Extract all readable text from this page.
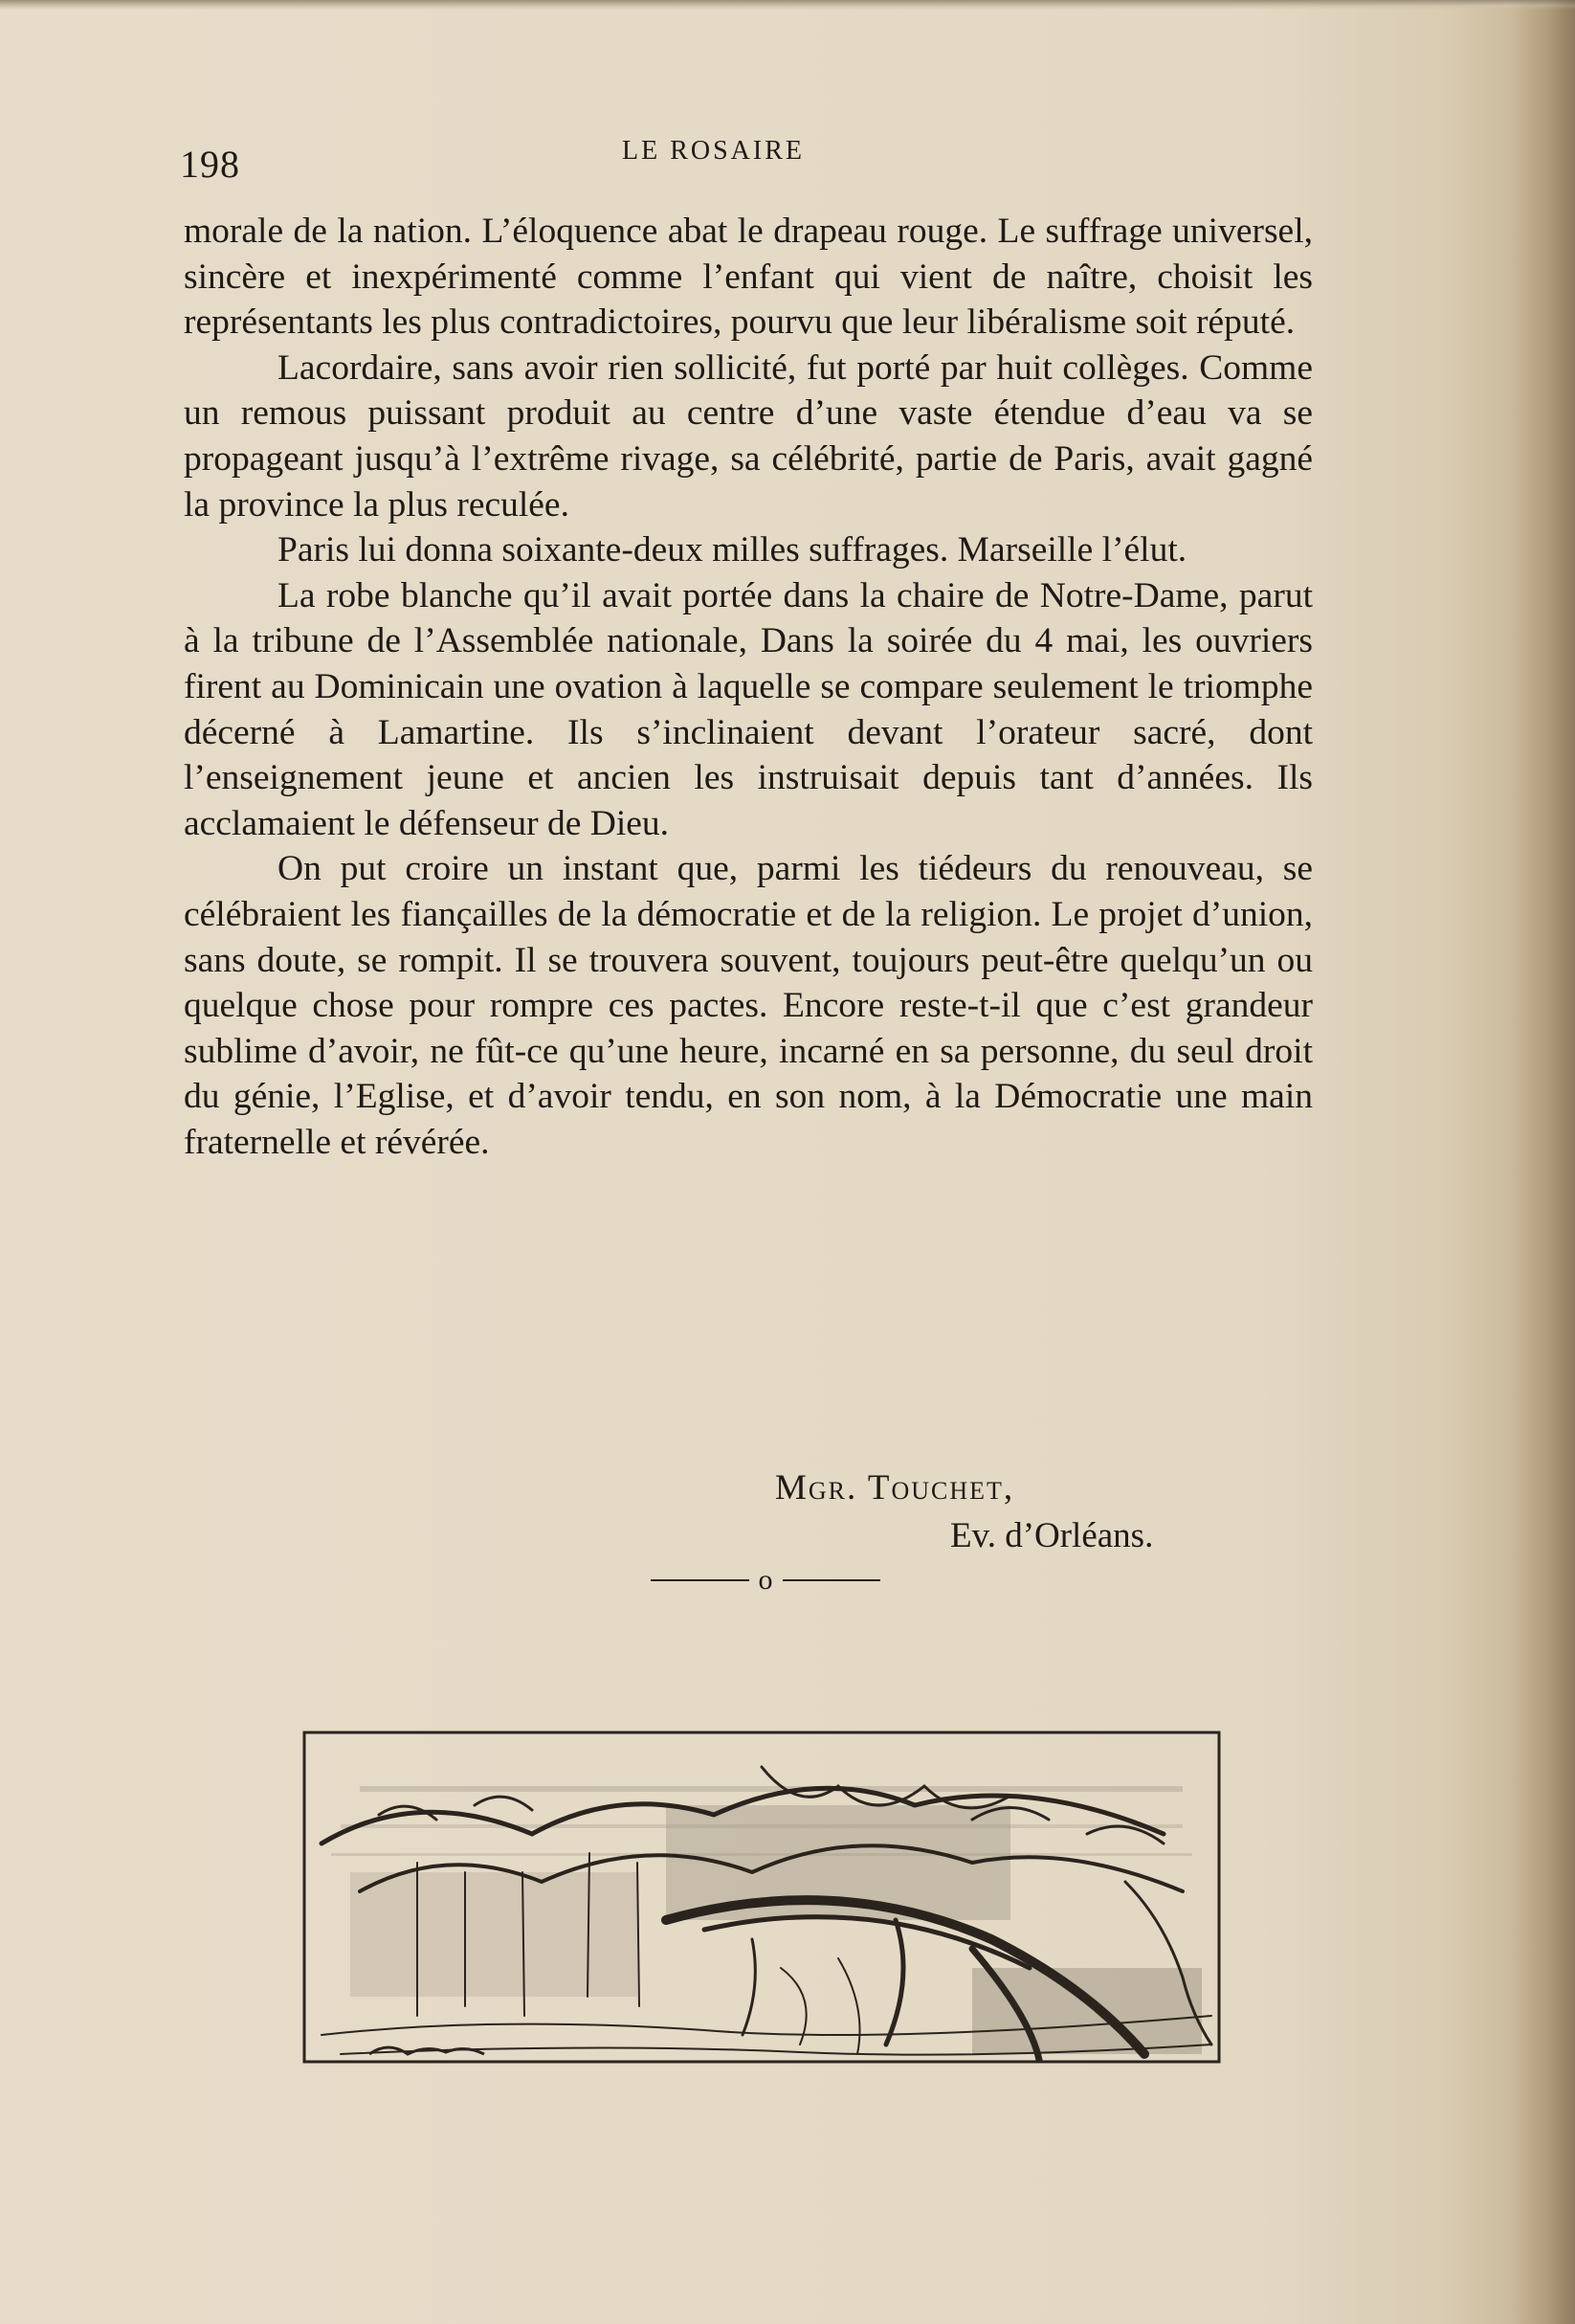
198	LE ROSAIRE

morale de la nation. L’éloquence abat le drapeau rouge. Le suffrage universel, sincère et inexpérimenté comme l’enfant qui vient de naître, choisit les représentants les plus contradictoires, pourvu que leur libéralisme soit réputé.

Lacordaire, sans avoir rien sollicité, fut porté par huit collèges. Comme un remous puissant produit au centre d’une vaste étendue d’eau va se propageant jusqu’à l’extrême rivage, sa célébrité, partie de Paris, avait gagné la province la plus reculée.

Paris lui donna soixante-deux milles suffrages. Marseille l’élut.

La robe blanche qu’il avait portée dans la chaire de Notre-Dame, parut à la tribune de l’Assemblée nationale, Dans la soirée du 4 mai, les ouvriers firent au Dominicain une ovation à laquelle se compare seulement le triomphe décerné à Lamartine. Ils s’inclinaient devant l’orateur sacré, dont l’enseignement jeune et ancien les instruisait depuis tant d’années. Ils acclamaient le défenseur de Dieu.

On put croire un instant que, parmi les tiédeurs du renouveau, se célébraient les fiançailles de la démocratie et de la religion. Le projet d’union, sans doute, se rompit. Il se trouvera souvent, toujours peut-être quelqu’un ou quelque chose pour rompre ces pactes. Encore reste-t-il que c’est grandeur sublime d’avoir, ne fût-ce qu’une heure, incarné en sa personne, du seul droit du génie, l’Eglise, et d’avoir tendu, en son nom, à la Démocratie une main fraternelle et révérée.

Mgr. Touchet,
Ev. d’Orléans.
o
